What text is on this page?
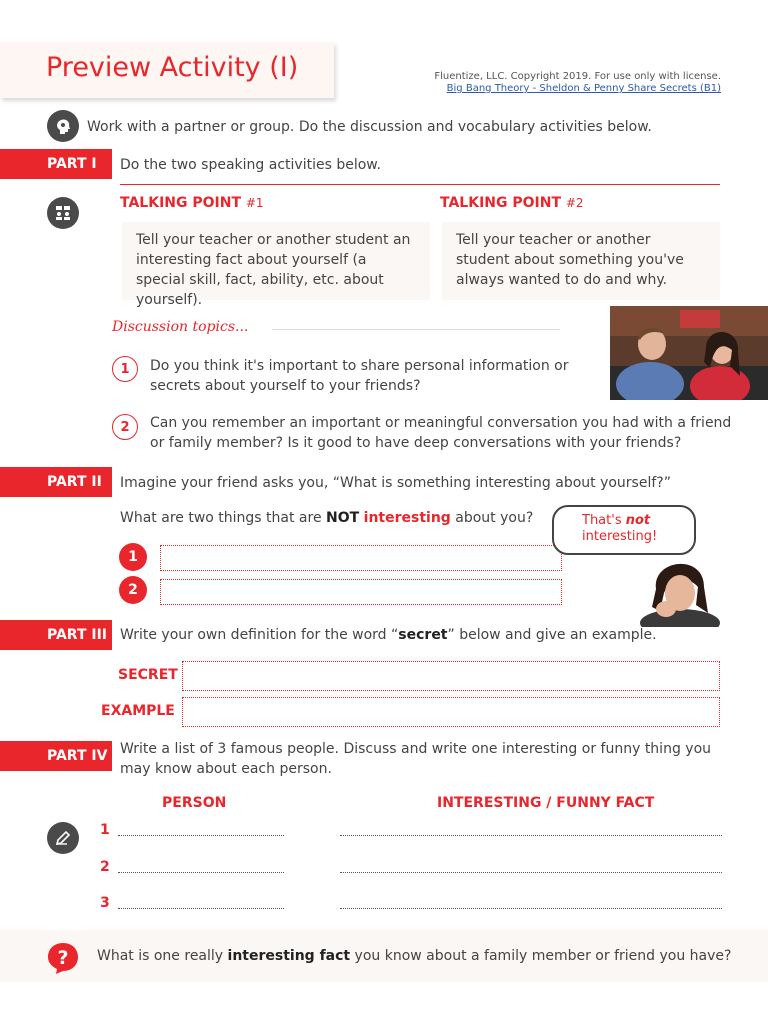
Preview Activity (I)	Fluentize, LLC. Copyright 2019. For use only with license.
Big Bang Theory - Sheldon & Penny Share Secrets (B1)
Work with a partner or group. Do the discussion and vocabulary activities below.
PART I Do the two speaking activities below.
TALKING POINT #1
Tell your teacher or another student an interesting fact about yourself (a special skill, fact, ability, etc. about yourself).
TALKING POINT #2
Tell your teacher or another student about something you've always wanted to do and why.
Discussion topics...
1	Do you think it's important to share personal information or secrets about yourself to your friends?
2	Can you remember an important or meaningful conversation you had with a friend or family member? Is it good to have deep conversations with your friends?
PART II Imagine your friend asks you, “What is something interesting about yourself?”
What are two things that are NOT interesting about you?
1
2
That's not
interesting!
PART III Write your own definition for the word “secret” below and give an example.
SECRET
EXAMPLE
PART IV Write a list of 3 famous people. Discuss and write one interesting or funny thing you may know about each person.
PERSON	INTERESTING / FUNNY FACT
1
2
3
? What is one really interesting fact you know about a family member or friend you have?
